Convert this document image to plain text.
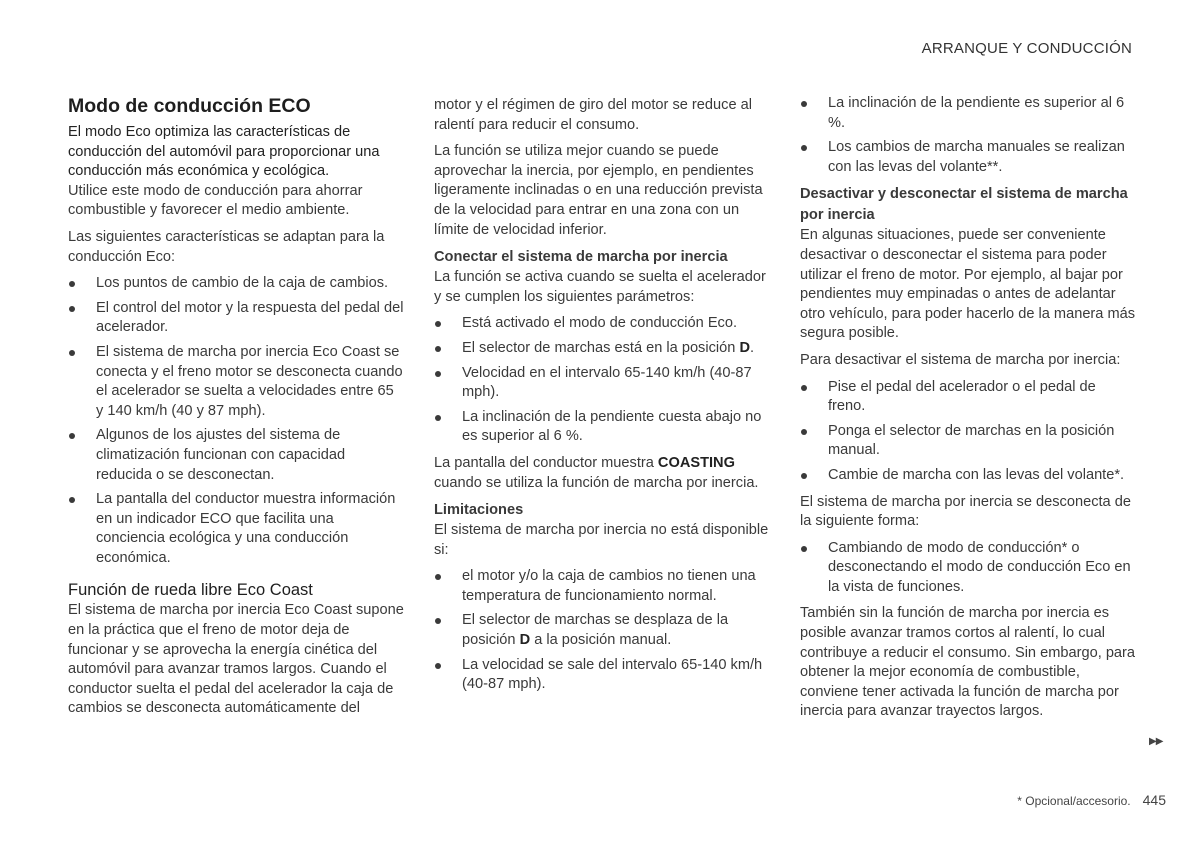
ARRANQUE Y CONDUCCIÓN
Modo de conducción ECO

El modo Eco optimiza las características de conducción del automóvil para proporcionar una conducción más económica y ecológica.

Utilice este modo de conducción para ahorrar combustible y favorecer el medio ambiente.

Las siguientes características se adaptan para la conducción Eco:

Los puntos de cambio de la caja de cambios.
El control del motor y la respuesta del pedal del acelerador.
El sistema de marcha por inercia Eco Coast se conecta y el freno motor se desconecta cuando el acelerador se suelta a velocidades entre 65 y 140 km/h (40 y 87 mph).
Algunos de los ajustes del sistema de climatización funcionan con capacidad reducida o se desconectan.
La pantalla del conductor muestra información en un indicador ECO que facilita una conciencia ecológica y una conducción económica.
Función de rueda libre Eco Coast

El sistema de marcha por inercia Eco Coast supone en la práctica que el freno de motor deja de funcionar y se aprovecha la energía cinética del automóvil para avanzar tramos largos. Cuando el conductor suelta el pedal del acelerador la caja de cambios se desconecta automáticamente del

motor y el régimen de giro del motor se reduce al ralentí para reducir el consumo.

La función se utiliza mejor cuando se puede aprovechar la inercia, por ejemplo, en pendientes ligeramente inclinadas o en una reducción prevista de la velocidad para entrar en una zona con un límite de velocidad inferior.

Conectar el sistema de marcha por inercia

La función se activa cuando se suelta el acelerador y se cumplen los siguientes parámetros:

Está activado el modo de conducción Eco.
El selector de marchas está en la posición D.
Velocidad en el intervalo 65-140 km/h (40-87 mph).
La inclinación de la pendiente cuesta abajo no es superior al 6 %.

La pantalla del conductor muestra COASTING cuando se utiliza la función de marcha por inercia.

Limitaciones

El sistema de marcha por inercia no está disponible si:

el motor y/o la caja de cambios no tienen una temperatura de funcionamiento normal.
El selector de marchas se desplaza de la posición D a la posición manual.
La velocidad se sale del intervalo 65-140 km/h (40-87 mph).
La inclinación de la pendiente es superior al 6 %.
Los cambios de marcha manuales se realizan con las levas del volante**.
Desactivar y desconectar el sistema de marcha por inercia

En algunas situaciones, puede ser conveniente desactivar o desconectar el sistema para poder utilizar el freno de motor. Por ejemplo, al bajar por pendientes muy empinadas o antes de adelantar otro vehículo, para poder hacerlo de la manera más segura posible.

Para desactivar el sistema de marcha por inercia:

Pise el pedal del acelerador o el pedal de freno.
Ponga el selector de marchas en la posición manual.
Cambie de marcha con las levas del volante*.

El sistema de marcha por inercia se desconecta de la siguiente forma:

Cambiando de modo de conducción* o desconectando el modo de conducción Eco en la vista de funciones.

También sin la función de marcha por inercia es posible avanzar tramos cortos al ralentí, lo cual contribuye a reducir el consumo. Sin embargo, para obtener la mejor economía de combustible, conviene tener activada la función de marcha por inercia para avanzar trayectos largos.

▶▶
* Opcional/accesorio. 445
